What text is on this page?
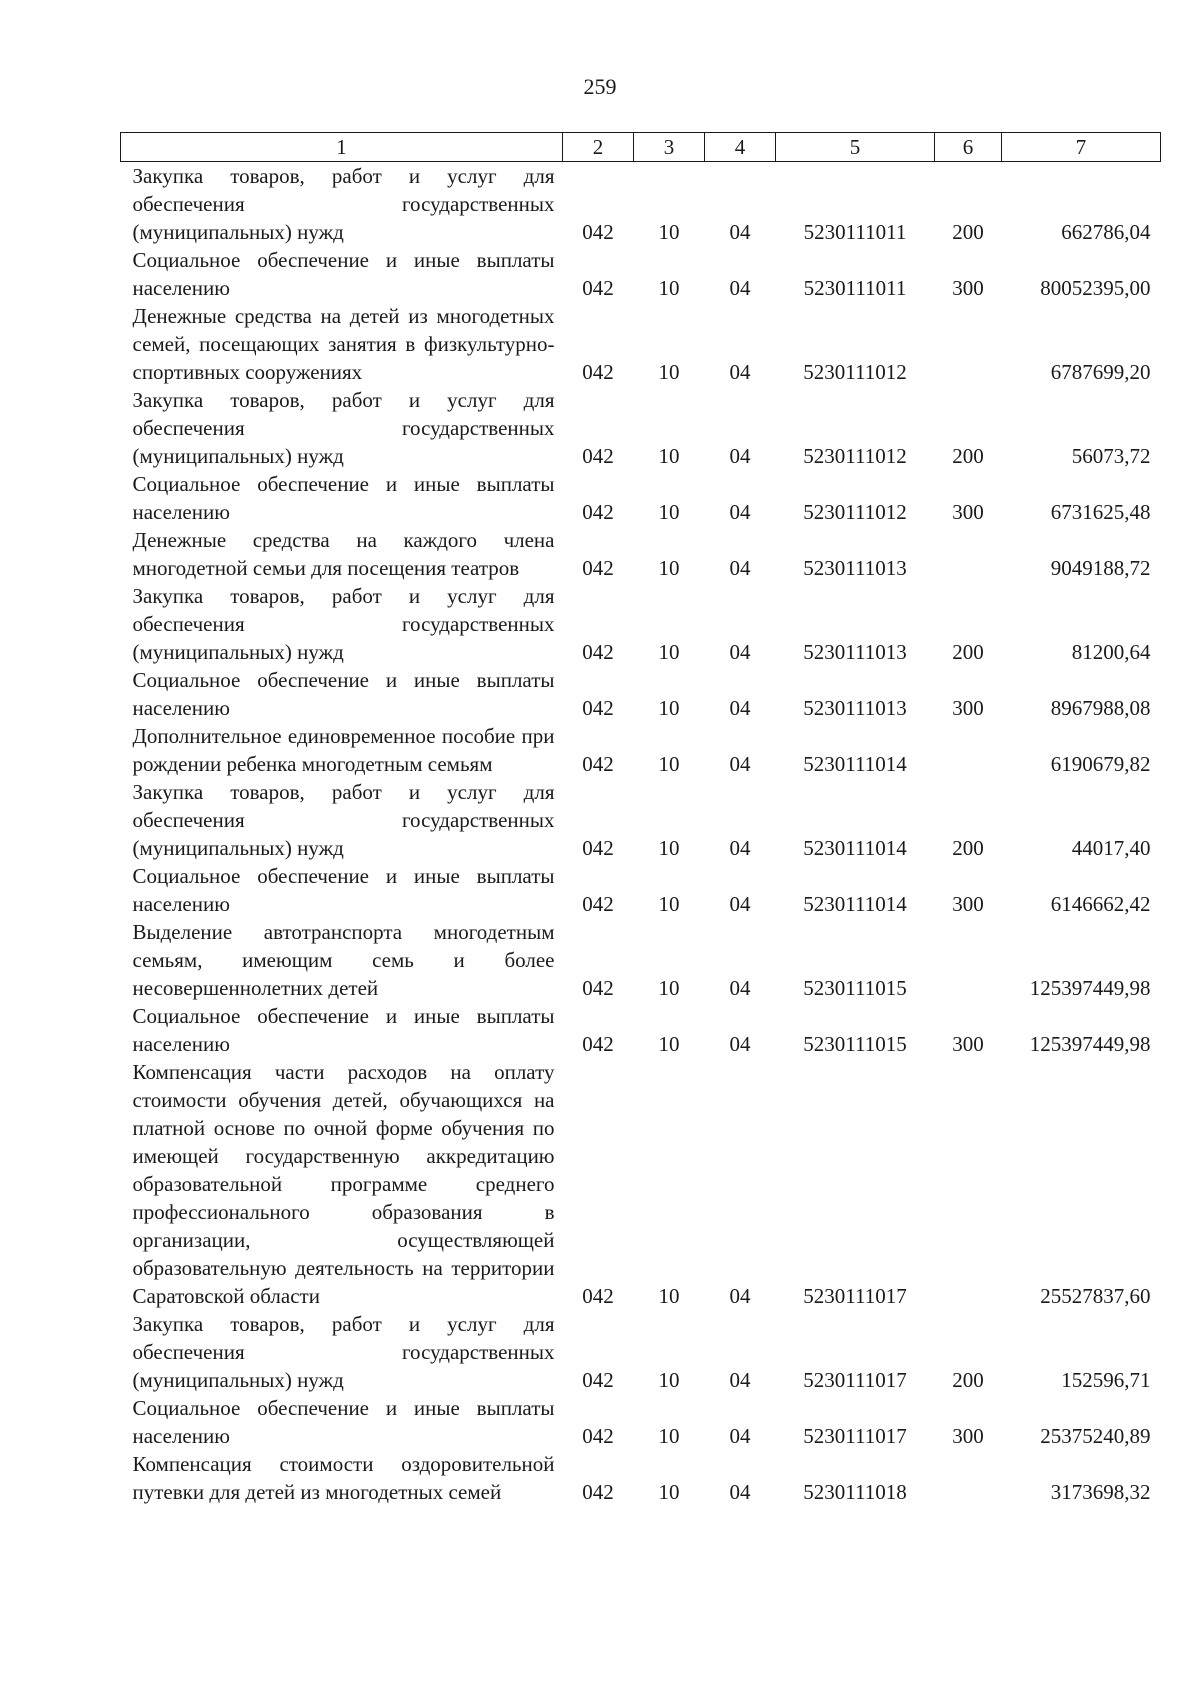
259
1	2	3	4	5	6	7
Закупка товаров, работ и услуг для обеспечения государственных (муниципальных) нужд	042	10	04	5230111011	200	662786,04
Социальное обеспечение и иные выплаты населению	042	10	04	5230111011	300	80052395,00
Денежные средства на детей из многодетных семей, посещающих занятия в физкультурно-спортивных сооружениях	042	10	04	5230111012		6787699,20
Закупка товаров, работ и услуг для обеспечения государственных (муниципальных) нужд	042	10	04	5230111012	200	56073,72
Социальное обеспечение и иные выплаты населению	042	10	04	5230111012	300	6731625,48
Денежные средства на каждого члена многодетной семьи для посещения театров	042	10	04	5230111013		9049188,72
Закупка товаров, работ и услуг для обеспечения государственных (муниципальных) нужд	042	10	04	5230111013	200	81200,64
Социальное обеспечение и иные выплаты населению	042	10	04	5230111013	300	8967988,08
Дополнительное единовременное пособие при рождении ребенка многодетным семьям	042	10	04	5230111014		6190679,82
Закупка товаров, работ и услуг для обеспечения государственных (муниципальных) нужд	042	10	04	5230111014	200	44017,40
Социальное обеспечение и иные выплаты населению	042	10	04	5230111014	300	6146662,42
Выделение автотранспорта многодетным семьям, имеющим семь и более несовершеннолетних детей	042	10	04	5230111015		125397449,98
Социальное обеспечение и иные выплаты населению	042	10	04	5230111015	300	125397449,98
Компенсация части расходов на оплату стоимости обучения детей, обучающихся на платной основе по очной форме обучения по имеющей государственную аккредитацию образовательной программе среднего профессионального образования в организации, осуществляющей образовательную деятельность на территории Саратовской области	042	10	04	5230111017		25527837,60
Закупка товаров, работ и услуг для обеспечения государственных (муниципальных) нужд	042	10	04	5230111017	200	152596,71
Социальное обеспечение и иные выплаты населению	042	10	04	5230111017	300	25375240,89
Компенсация стоимости оздоровительной путевки для детей из многодетных семей	042	10	04	5230111018		3173698,32
